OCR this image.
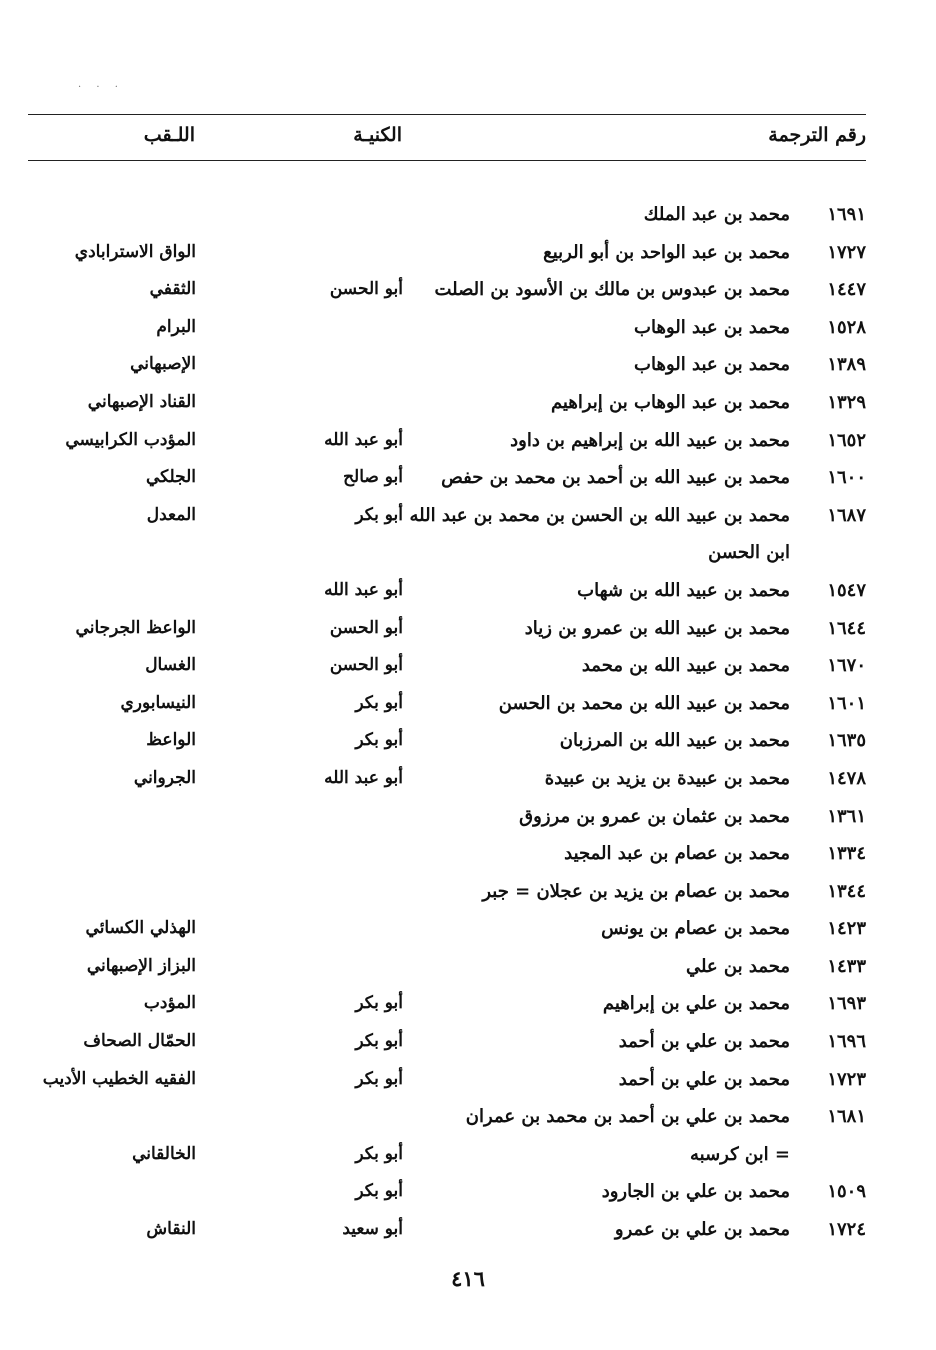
· · ·
رقم الترجمة
الكنيـة
اللـقب
١٦٩١
محمد بن عبد الملك
١٧٢٧
محمد بن عبد الواحد بن أبو الربيع
الواق الاسترابادي
١٤٤٧
محمد بن عبدوس بن مالك بن الأسود بن الصلت
أبو الحسن
الثقفي
١٥٢٨
محمد بن عبد الوهاب
البرام
١٣٨٩
محمد بن عبد الوهاب
الإصبهاني
١٣٢٩
محمد بن عبد الوهاب بن إبراهيم
القناد الإصبهاني
١٦٥٢
محمد بن عبيد الله بن إبراهيم بن داود
أبو عبد الله
المؤدب الكرابيسي
١٦٠٠
محمد بن عبيد الله بن أحمد بن محمد بن حفص
أبو صالح
الجلكي
١٦٨٧
محمد بن عبيد الله بن الحسن بن محمد بن عبد الله
أبو بكر
المعدل
ابن الحسن
١٥٤٧
محمد بن عبيد الله بن شهاب
أبو عبد الله
١٦٤٤
محمد بن عبيد الله بن عمرو بن زياد
أبو الحسن
الواعظ الجرجاني
١٦٧٠
محمد بن عبيد الله بن محمد
أبو الحسن
الغسال
١٦٠١
محمد بن عبيد الله بن محمد بن الحسن
أبو بكر
النيسابوري
١٦٣٥
محمد بن عبيد الله بن المرزبان
أبو بكر
الواعظ
١٤٧٨
محمد بن عبيدة بن يزيد بن عبيدة
أبو عبد الله
الجرواني
١٣٦١
محمد بن عثمان بن عمرو بن مرزوق
١٣٣٤
محمد بن عصام بن عبد المجيد
١٣٤٤
محمد بن عصام بن يزيد بن عجلان = جبر
١٤٢٣
محمد بن عصام بن يونس
الهذلي الكسائي
١٤٣٣
محمد بن علي
البزاز الإصبهاني
١٦٩٣
محمد بن علي بن إبراهيم
أبو بكر
المؤدب
١٦٩٦
محمد بن علي بن أحمد
أبو بكر
الحمّال الصحاف
١٧٢٣
محمد بن علي بن أحمد
أبو بكر
الفقيه الخطيب الأديب
١٦٨١
محمد بن علي بن أحمد بن محمد بن عمران
= ابن كرسبه
أبو بكر
الخالقاني
١٥٠٩
محمد بن علي بن الجارود
أبو بكر
١٧٢٤
محمد بن علي بن عمرو
أبو سعيد
النقاش
٤١٦
